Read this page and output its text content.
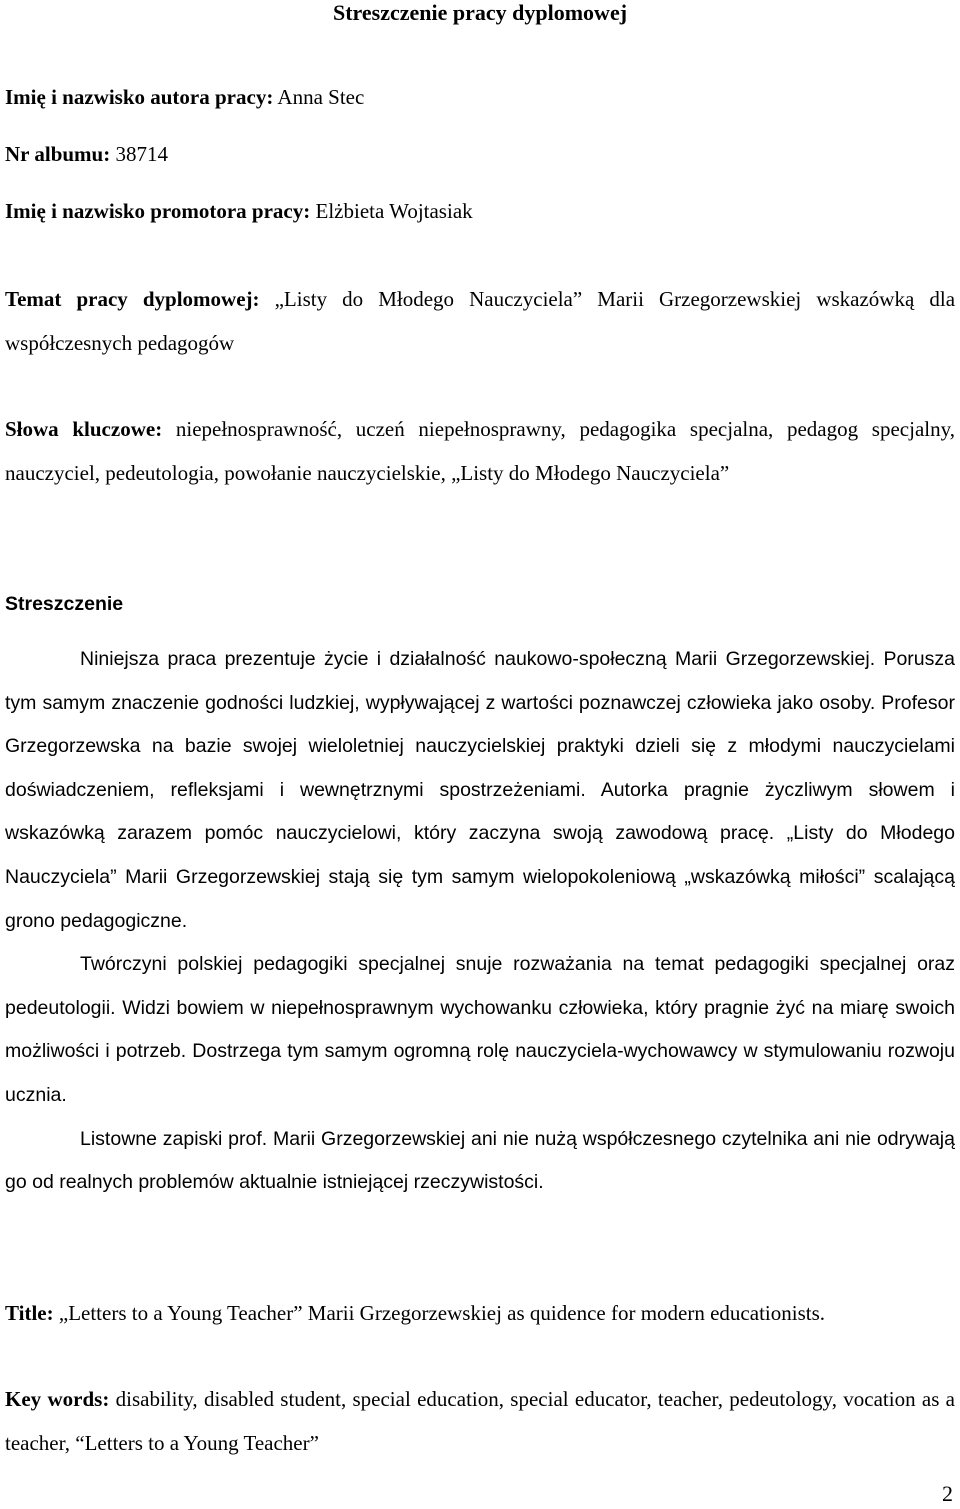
Streszczenie pracy dyplomowej
Imię i nazwisko autora pracy: Anna Stec
Nr albumu: 38714
Imię i nazwisko promotora pracy: Elżbieta Wojtasiak
Temat pracy dyplomowej: „Listy do Młodego Nauczyciela” Marii Grzegorzewskiej wskazówką dla współczesnych pedagogów
Słowa kluczowe: niepełnosprawność, uczeń niepełnosprawny, pedagogika specjalna, pedagog specjalny, nauczyciel, pedeutologia, powołanie nauczycielskie, „Listy do Młodego Nauczyciela”
Streszczenie

Niniejsza praca prezentuje życie i działalność naukowo-społeczną Marii Grzegorzewskiej. Porusza tym samym znaczenie godności ludzkiej, wypływającej z wartości poznawczej człowieka jako osoby. Profesor Grzegorzewska na bazie swojej wieloletniej nauczycielskiej praktyki dzieli się z młodymi nauczycielami doświadczeniem, refleksjami i wewnętrznymi spostrzeżeniami. Autorka pragnie życzliwym słowem i wskazówką zarazem pomóc nauczycielowi, który zaczyna swoją zawodową pracę. „Listy do Młodego Nauczyciela” Marii Grzegorzewskiej stają się tym samym wielopokoleniową „wskazówką miłości” scalającą grono pedagogiczne.

Twórczyni polskiej pedagogiki specjalnej snuje rozważania na temat pedagogiki specjalnej oraz pedeutologii. Widzi bowiem w niepełnosprawnym wychowanku człowieka, który pragnie żyć na miarę swoich możliwości i potrzeb. Dostrzega tym samym ogromną rolę nauczyciela-wychowawcy w stymulowaniu rozwoju ucznia.

Listowne zapiski prof. Marii Grzegorzewskiej ani nie nużą współczesnego czytelnika ani nie odrywają go od realnych problemów aktualnie istniejącej rzeczywistości.

Title: „Letters to a Young Teacher” Marii Grzegorzewskiej as quidence for modern educationists.
Key words: disability, disabled student, special education, special educator, teacher, pedeutology, vocation as a teacher, “Letters to a Young Teacher”
2
